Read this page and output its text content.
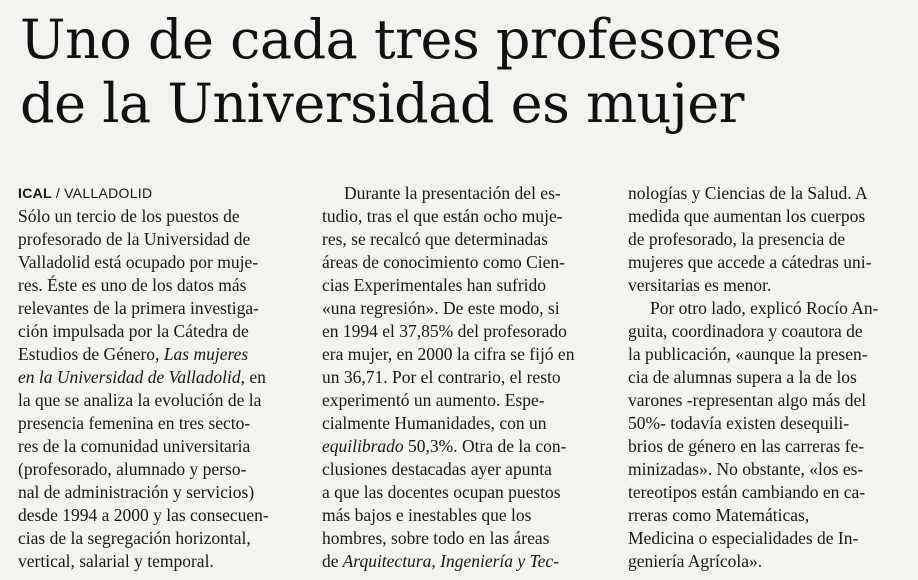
Uno de cada tres profesores
de la Universidad es mujer
ICAL / VALLADOLID
Sólo un tercio de los puestos de
profesorado de la Universidad de
Valladolid está ocupado por muje-
res. Éste es uno de los datos más
relevantes de la primera investiga-
ción impulsada por la Cátedra de
Estudios de Género, Las mujeres
en la Universidad de Valladolid, en
la que se analiza la evolución de la
presencia femenina en tres secto-
res de la comunidad universitaria
(profesorado, alumnado y perso-
nal de administración y servicios)
desde 1994 a 2000 y las consecuen-
cias de la segregación horizontal,
vertical, salarial y temporal.
Durante la presentación del es-
tudio, tras el que están ocho muje-
res, se recalcó que determinadas
áreas de conocimiento como Cien-
cias Experimentales han sufrido
«una regresión». De este modo, si
en 1994 el 37,85% del profesorado
era mujer, en 2000 la cifra se fijó en
un 36,71. Por el contrario, el resto
experimentó un aumento. Espe-
cialmente Humanidades, con un
equilibrado 50,3%. Otra de la con-
clusiones destacadas ayer apunta
a que las docentes ocupan puestos
más bajos e inestables que los
hombres, sobre todo en las áreas
de Arquitectura, Ingeniería y Tec-
nologías y Ciencias de la Salud. A
medida que aumentan los cuerpos
de profesorado, la presencia de
mujeres que accede a cátedras uni-
versitarias es menor.
Por otro lado, explicó Rocío An-
guita, coordinadora y coautora de
la publicación, «aunque la presen-
cia de alumnas supera a la de los
varones -representan algo más del
50%- todavía existen desequili-
brios de género en las carreras fe-
minizadas». No obstante, «los es-
tereotipos están cambiando en ca-
rreras como Matemáticas,
Medicina o especialidades de In-
geniería Agrícola».
